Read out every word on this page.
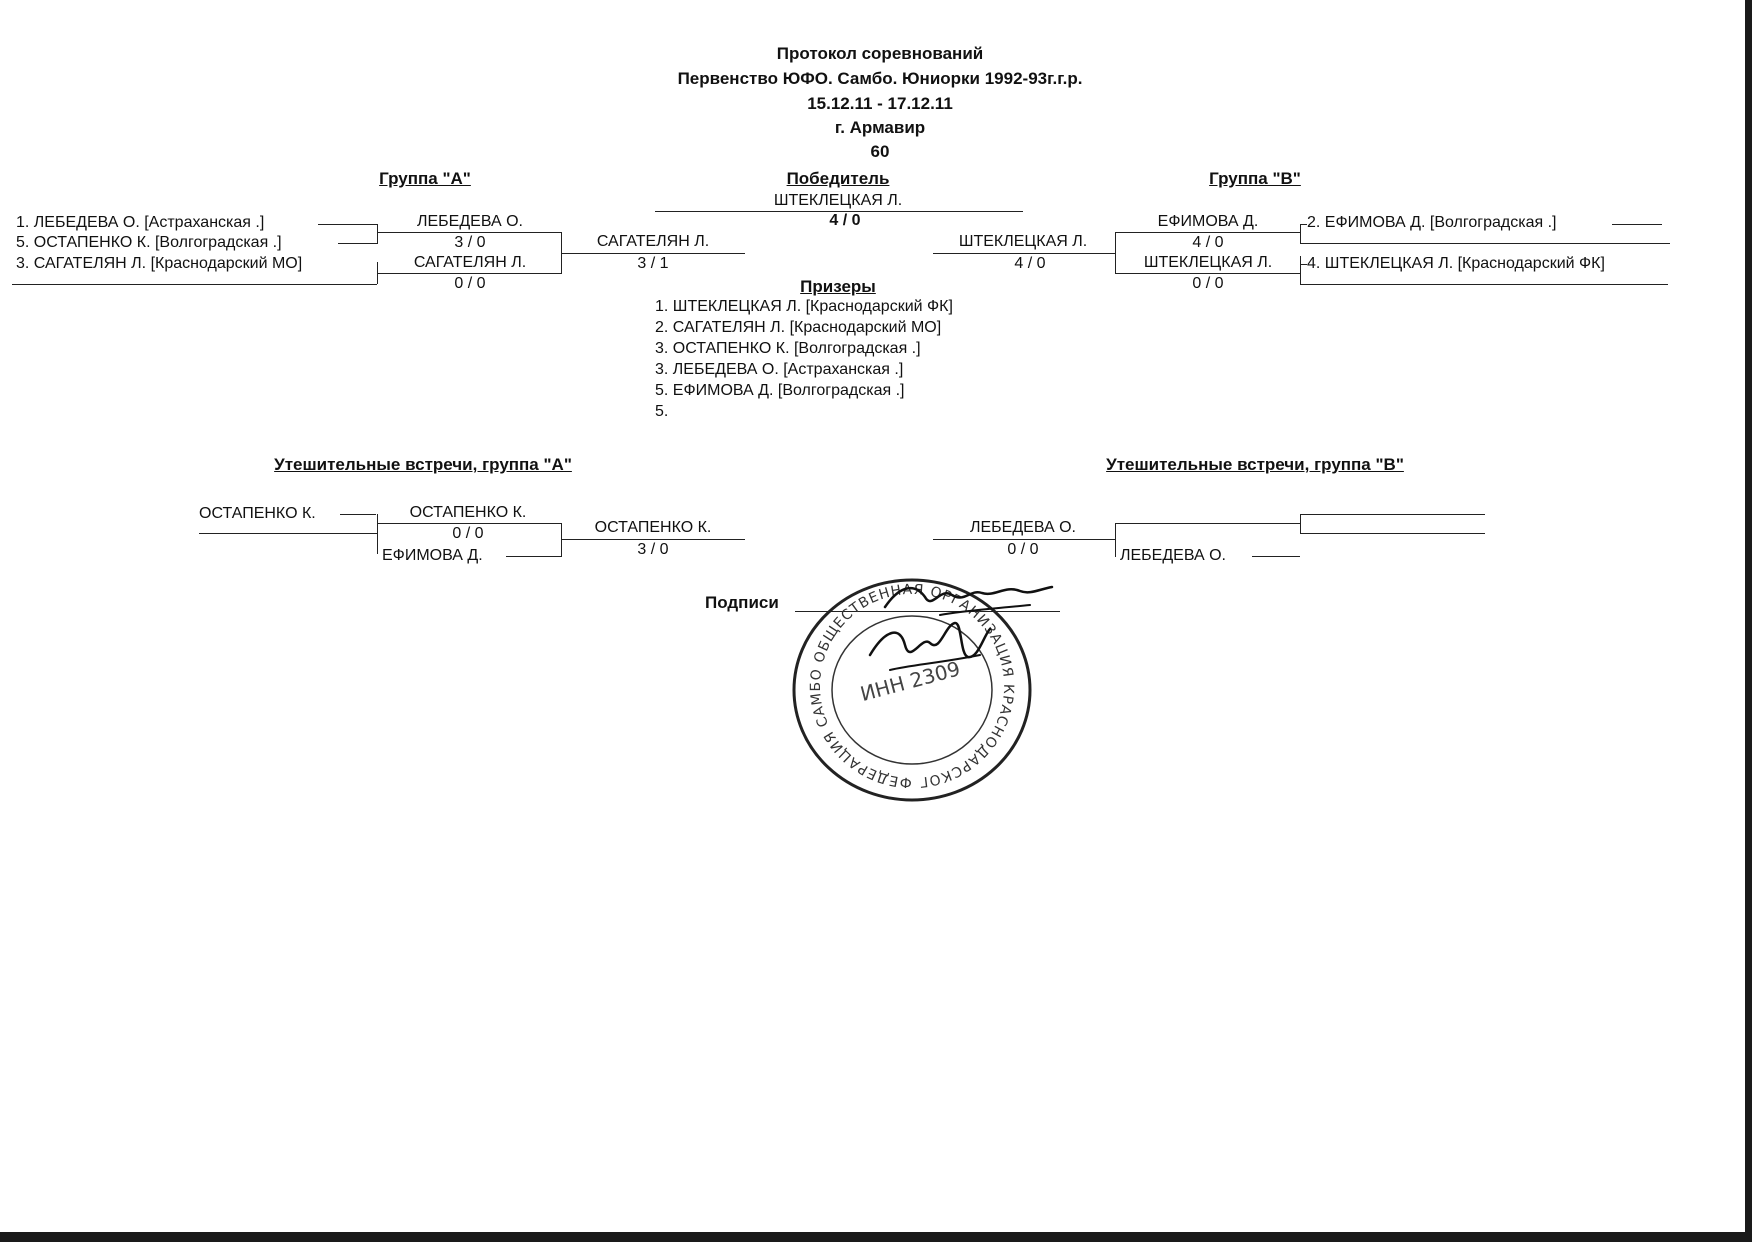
Протокол соревнований
Первенство ЮФО. Самбо. Юниорки 1992-93г.г.р.
15.12.11 - 17.12.11
г. Армавир
60
Группа "А"	Победитель	Группа "В"
ШТЕКЛЕЦКАЯ Л.
4 / 0
1. ЛЕБЕДЕВА О. [Астраханская .]
5. ОСТАПЕНКО К. [Волгоградская .]
3. САГАТЕЛЯН Л. [Краснодарский МО]
ЛЕБЕДЕВА О.
3 / 0
САГАТЕЛЯН Л.
0 / 0
САГАТЕЛЯН Л.
3 / 1
ШТЕКЛЕЦКАЯ Л.
4 / 0
ЕФИМОВА Д.
4 / 0
ШТЕКЛЕЦКАЯ Л.
0 / 0
2. ЕФИМОВА Д. [Волгоградская .]
4. ШТЕКЛЕЦКАЯ Л. [Краснодарский ФК]
Призеры
1. ШТЕКЛЕЦКАЯ Л. [Краснодарский ФК]
2. САГАТЕЛЯН Л. [Краснодарский МО]
3. ОСТАПЕНКО К. [Волгоградская .]
3. ЛЕБЕДЕВА О. [Астраханская .]
5. ЕФИМОВА Д. [Волгоградская .]
5.
Утешительные встречи, группа "А"	Утешительные встречи, группа "В"
ОСТАПЕНКО К.	ОСТАПЕНКО К.
0 / 0
ЕФИМОВА Д.
ОСТАПЕНКО К.
3 / 0
ЛЕБЕДЕВА О.
0 / 0	ЛЕБЕДЕВА О.
Подписи
ФЕДЕРАЦИЯ САМБО ОБЩЕСТВЕННАЯ ОРГАНИЗАЦИЯ КРАСНОДАРСКОГО КРАЯ
ИНН 2309
